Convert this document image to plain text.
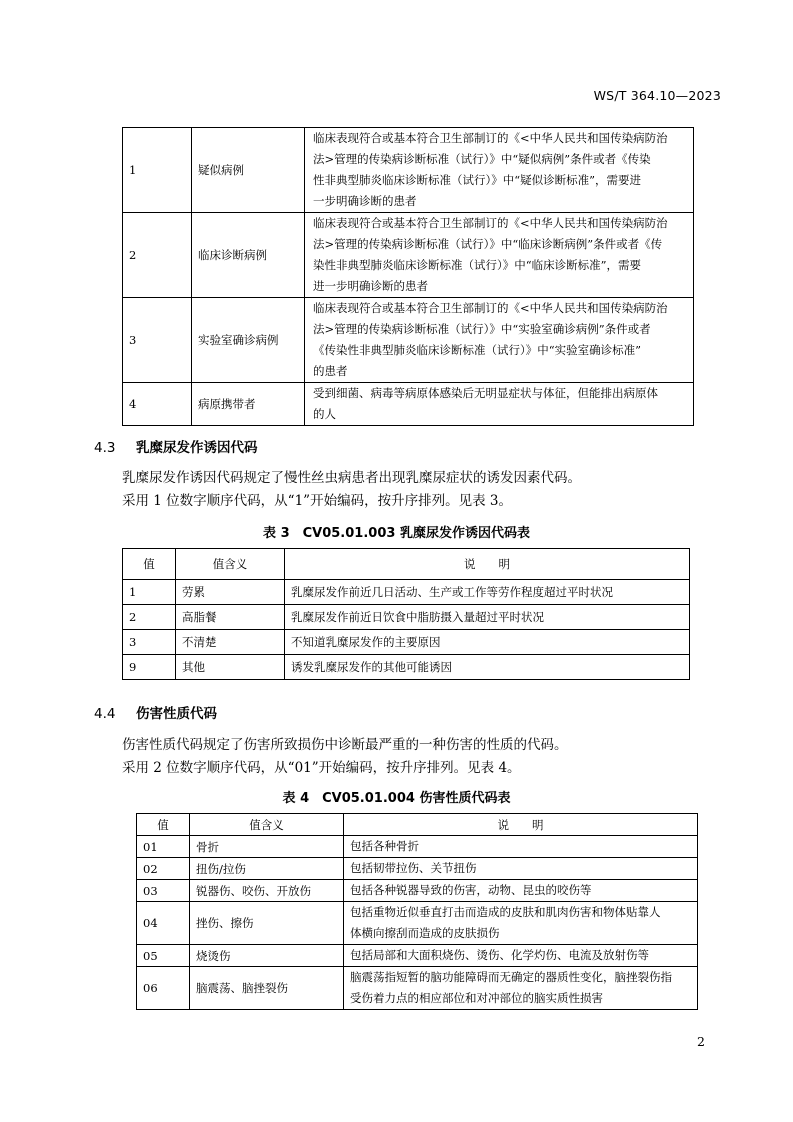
WS/T 364.10—2023
1	疑似病例	临床表现符合或基本符合卫生部制订的《<中华人民共和国传染病防治
法>管理的传染病诊断标准（试行）》中“疑似病例”条件或者《传染
性非典型肺炎临床诊断标准（试行）》中“疑似诊断标准”，需要进
一步明确诊断的患者

2	临床诊断病例	临床表现符合或基本符合卫生部制订的《<中华人民共和国传染病防治
法>管理的传染病诊断标准（试行）》中“临床诊断病例”条件或者《传
染性非典型肺炎临床诊断标准（试行）》中“临床诊断标准”，需要
进一步明确诊断的患者

3	实验室确诊病例	临床表现符合或基本符合卫生部制订的《<中华人民共和国传染病防治
法>管理的传染病诊断标准（试行）》中“实验室确诊病例”条件或者
《传染性非典型肺炎临床诊断标准（试行）》中“实验室确诊标准”
的患者

4	病原携带者	受到细菌、病毒等病原体感染后无明显症状与体征，但能排出病原体
的人
4.3 乳糜尿发作诱因代码
乳糜尿发作诱因代码规定了慢性丝虫病患者出现乳糜尿症状的诱发因素代码。
采用 1 位数字顺序代码，从“1”开始编码，按升序排列。见表 3。
表 3　CV05.01.003 乳糜尿发作诱因代码表
值	值含义	说　　明
1	劳累	乳糜尿发作前近几日活动、生产或工作等劳作程度超过平时状况
2	高脂餐	乳糜尿发作前近日饮食中脂肪摄入量超过平时状况
3	不清楚	不知道乳糜尿发作的主要原因
9	其他	诱发乳糜尿发作的其他可能诱因
4.4 伤害性质代码
伤害性质代码规定了伤害所致损伤中诊断最严重的一种伤害的性质的代码。
采用 2 位数字顺序代码，从“01”开始编码，按升序排列。见表 4。
表 4　CV05.01.004 伤害性质代码表
值	值含义	说　　明
01	骨折	包括各种骨折

02	扭伤/拉伤	包括韧带拉伤、关节扭伤

03	锐器伤、咬伤、开放伤	包括各种锐器导致的伤害，动物、昆虫的咬伤等

04	挫伤、擦伤	包括重物近似垂直打击而造成的皮肤和肌肉伤害和物体贴靠人
体横向擦刮而造成的皮肤损伤

05	烧烫伤	包括局部和大面积烧伤、烫伤、化学灼伤、电流及放射伤等

06	脑震荡、脑挫裂伤	脑震荡指短暂的脑功能障碍而无确定的器质性变化，脑挫裂伤指
受伤着力点的相应部位和对冲部位的脑实质性损害
2
